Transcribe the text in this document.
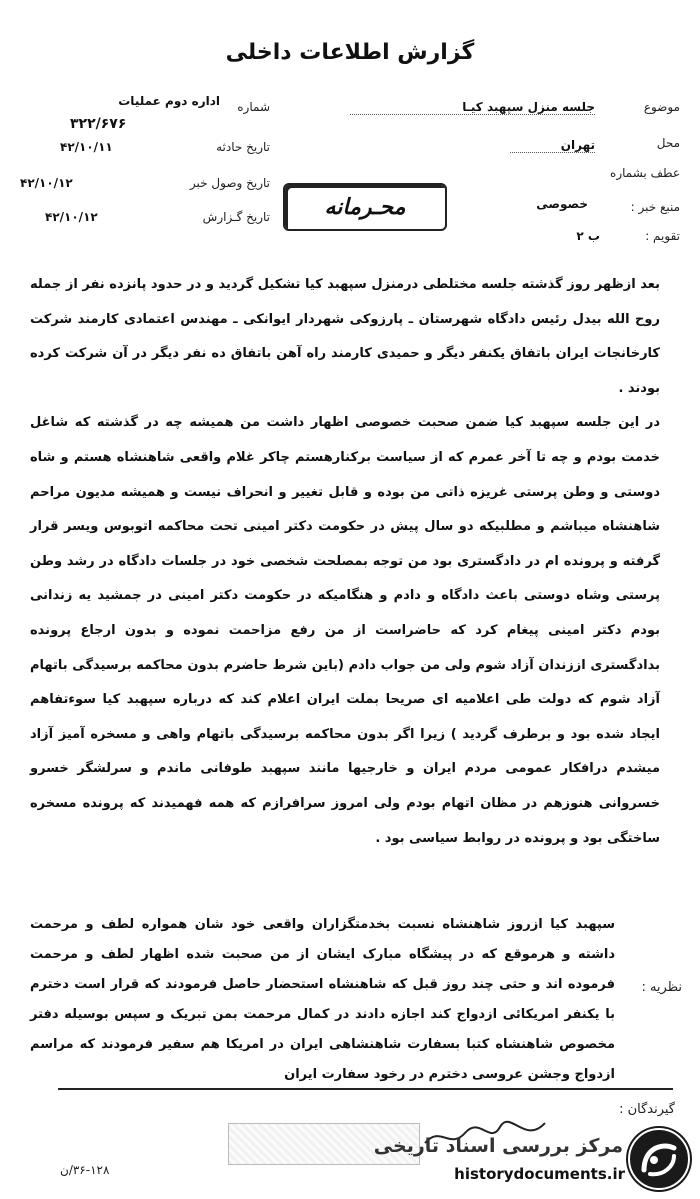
گزارش اطلاعات داخلی
موضوع
جلسه منزل سپهبد کیـا
محل
تهران
عطف بشماره
منبع خبر :
خصوصی
تقویم :
ب ۲
شماره
اداره دوم عملیات
۳۲۲/۶۷۶
تاریخ حادثه
۴۲/۱۰/۱۱
تاریخ وصول خبر
۴۲/۱۰/۱۲
تاریخ گـزارش
۴۲/۱۰/۱۲	محـرمانه

بعد ازظهر روز گذشته جلسه مختلطی درمنزل سپهبد کیا تشکیل گردید و در حدود پانزده نفر از جمله روح الله بیدل رئیس دادگاه شهرستان ـ پارزوکی شهردار ایوانکی ـ مهندس اعتمادی کارمند شرکت کارخانجات ایران باتفاق یکنفر دیگر و حمیدی کارمند راه آهن باتفاق ده نفر دیگر در آن شرکت کرده بودند .

در این جلسه سپهبد کیا ضمن صحبت خصوصی اظهار داشت من همیشه چه در گذشته که شاغل خدمت بودم و چه تا آخر عمرم که از سیاست برکنارهستم چاکر غلام واقعی شاهنشاه هستم و شاه دوستی و وطن پرستی غریزه ذاتی من بوده و قابل تغییر و انحراف نیست و همیشه مدیون مراحم شاهنشاه میباشم و مطلبیکه دو سال پیش در حکومت دکتر امینی تحت محاکمه اتوبوس ویسر قرار گرفته و پرونده ام در دادگستری بود من توجه بمصلحت شخصی خود در جلسات دادگاه در رشد وطن پرستی وشاه دوستی باعث دادگاه و دادم و هنگامیکه در حکومت دکتر امینی در جمشید یه زندانی بودم دکتر امینی پیغام کرد که حاضراست از من رفع مزاحمت نموده و بدون ارجاع پرونده بدادگستری اززندان آزاد شوم ولی من جواب دادم (باین شرط حاضرم بدون محاکمه برسیدگی باتهام آزاد شوم که دولت طی اعلامیه ای صریحا بملت ایران اعلام کند که درباره سپهبد کیا سوءتفاهم ایجاد شده بود و برطرف گردید ) زیرا اگر بدون محاکمه برسیدگی باتهام واهی و مسخره آمیز آزاد میشدم درافکار عمومی مردم ایران و خارجیها مانند سپهبد طوفانی ماندم و سرلشگر خسرو خسروانی هنوزهم در مظان اتهام بودم ولی امروز سرافرازم که همه فهمیدند که پرونده مسخره ساختگی بود و پرونده در روابط سیاسی بود .

نظریه :
سپهبد کیا ازروز شاهنشاه نسبت بخدمتگزاران واقعی خود شان همواره لطف و مرحمت داشته و هرموقع که در پیشگاه مبارک ایشان از من صحبت شده اظهار لطف و مرحمت فرموده اند و حتی چند روز قبل که شاهنشاه استحضار حاصل فرمودند که قرار است دخترم با یکنفر امریکائی ازدواج کند اجازه دادند در کمال مرحمت بمن تبریک و سپس بوسیله دفتر مخصوص شاهنشاه کتبا بسفارت شاهنشاهی ایران در امریکا هم سفیر فرمودند که مراسم ازدواج وجشن عروسی دخترم در رخود سفارت ایران
گیرندگان :
۳۶-۱۲۸/ن
مرکز بررسی اسناد تاریخی
historydocuments.ir
